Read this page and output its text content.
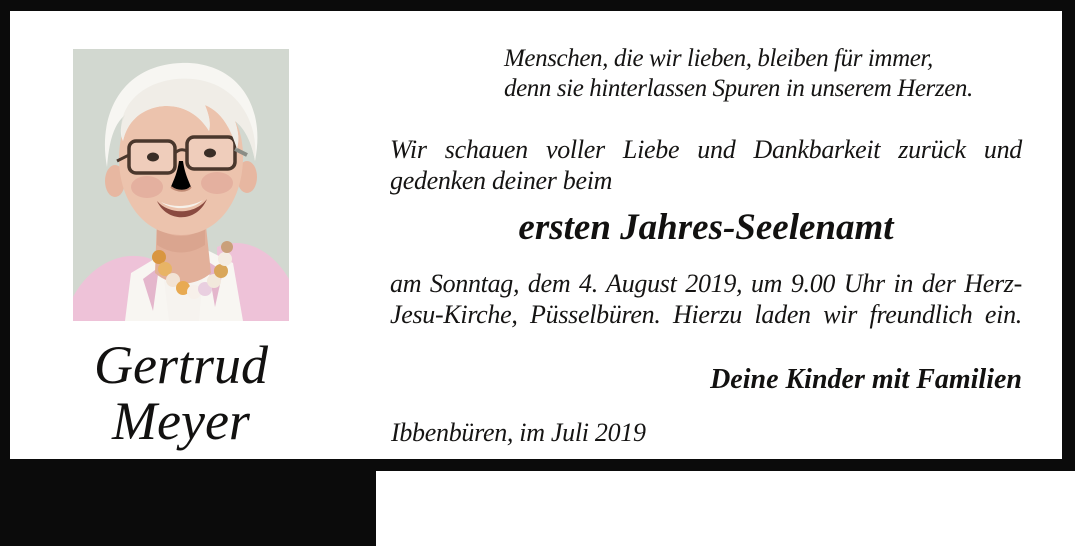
Gertrud
Meyer
Menschen, die wir lieben, bleiben für immer,
denn sie hinterlassen Spuren in unserem Herzen.
Wir schauen voller Liebe und Dankbarkeit zurück und
gedenken deiner beim
ersten Jahres-Seelenamt
am Sonntag, dem 4. August 2019, um 9.00 Uhr in der Herz-
Jesu-Kirche, Püsselbüren. Hierzu laden wir freundlich ein.
Deine Kinder mit Familien
Ibbenbüren, im Juli 2019
